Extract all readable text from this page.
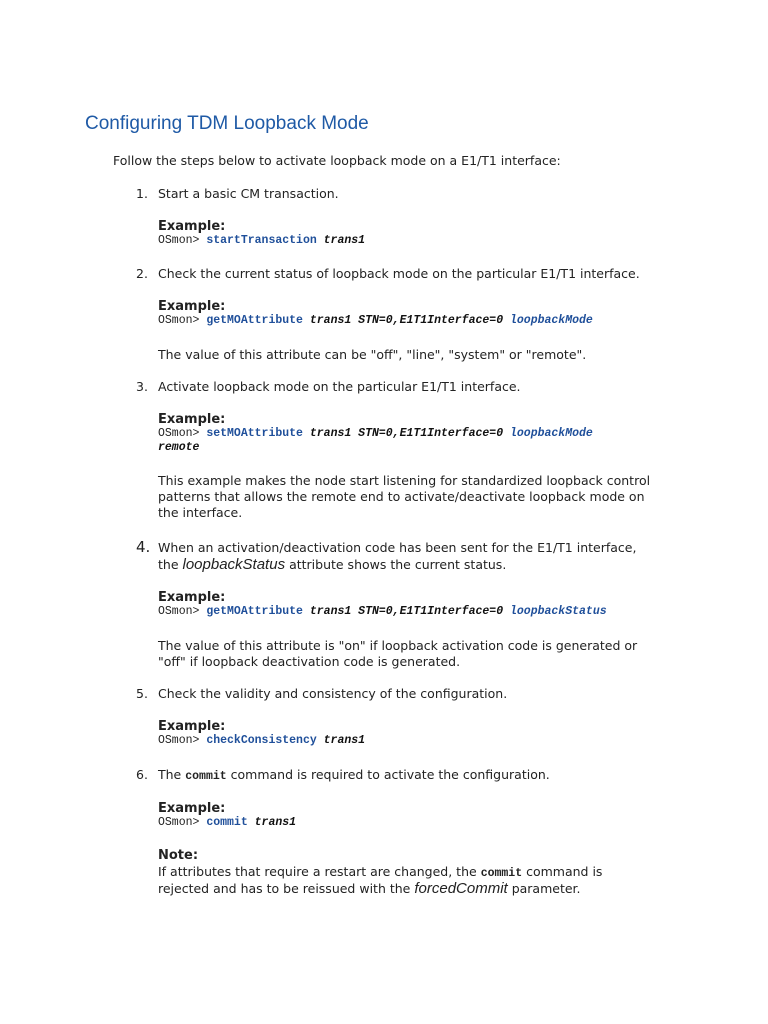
Configuring TDM Loopback Mode
Follow the steps below to activate loopback mode on a E1/T1 interface:
1. Start a basic CM transaction.
Example:
OSmon> startTransaction trans1
2. Check the current status of loopback mode on the particular E1/T1 interface.
Example:
OSmon> getMOAttribute trans1 STN=0,E1T1Interface=0 loopbackMode
The value of this attribute can be "off", "line", "system" or "remote".
3. Activate loopback mode on the particular E1/T1 interface.
Example:
OSmon> setMOAttribute trans1 STN=0,E1T1Interface=0 loopbackMode
remote
This example makes the node start listening for standardized loopback control patterns that allows the remote end to activate/deactivate loopback mode on the interface.
4. When an activation/deactivation code has been sent for the E1/T1 interface,
the loopbackStatus attribute shows the current status.
Example:
OSmon> getMOAttribute trans1 STN=0,E1T1Interface=0 loopbackStatus
The value of this attribute is "on" if loopback activation code is generated or "off" if loopback deactivation code is generated.
5. Check the validity and consistency of the configuration.
Example:
OSmon> checkConsistency trans1
6. The commit command is required to activate the configuration.
Example:
OSmon> commit trans1
Note:
If attributes that require a restart are changed, the commit command is
rejected and has to be reissued with the forcedCommit parameter.
